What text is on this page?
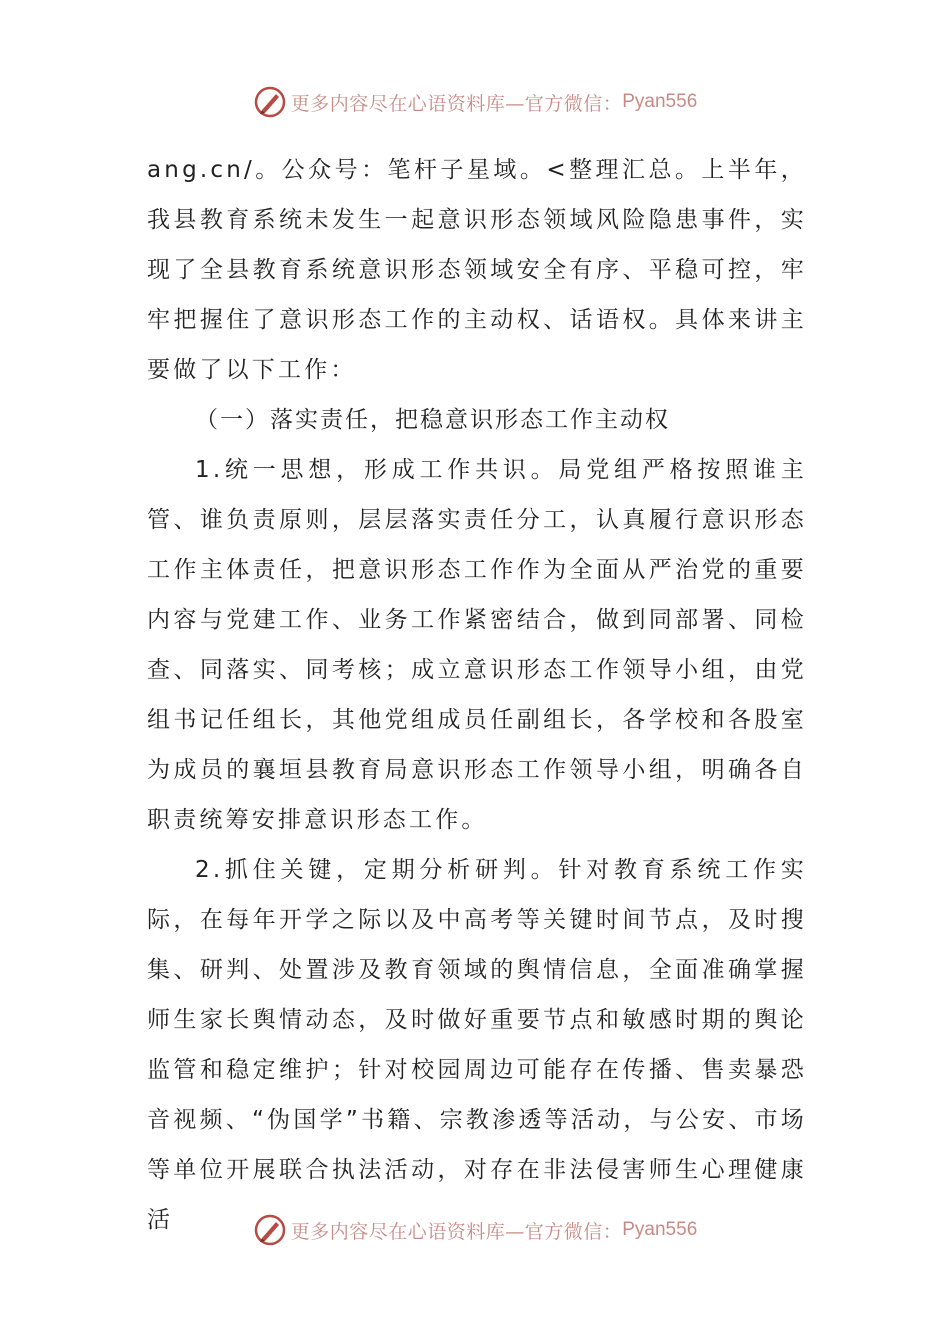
更多内容尽在心语资料库—官方微信： Pyan556

ang.cn/。公众号：笔杆子星域。<整理汇总。上半年，我县教育系统未发生一起意识形态领域风险隐患事件，实现了全县教育系统意识形态领域安全有序、平稳可控，牢牢把握住了意识形态工作的主动权、话语权。具体来讲主要做了以下工作：

（一）落实责任，把稳意识形态工作主动权

1.统一思想，形成工作共识。局党组严格按照谁主管、谁负责原则，层层落实责任分工，认真履行意识形态工作主体责任，把意识形态工作作为全面从严治党的重要内容与党建工作、业务工作紧密结合，做到同部署、同检查、同落实、同考核；成立意识形态工作领导小组，由党组书记任组长，其他党组成员任副组长，各学校和各股室为成员的襄垣县教育局意识形态工作领导小组，明确各自职责统筹安排意识形态工作。

2.抓住关键，定期分析研判。针对教育系统工作实际，在每年开学之际以及中高考等关键时间节点，及时搜集、研判、处置涉及教育领域的舆情信息，全面准确掌握师生家长舆情动态，及时做好重要节点和敏感时期的舆论监管和稳定维护；针对校园周边可能存在传播、售卖暴恐音视频、“伪国学”书籍、宗教渗透等活动，与公安、市场等单位开展联合执法活动，对存在非法侵害师生心理健康活	更多内容尽在心语资料库—官方微信： Pyan556
